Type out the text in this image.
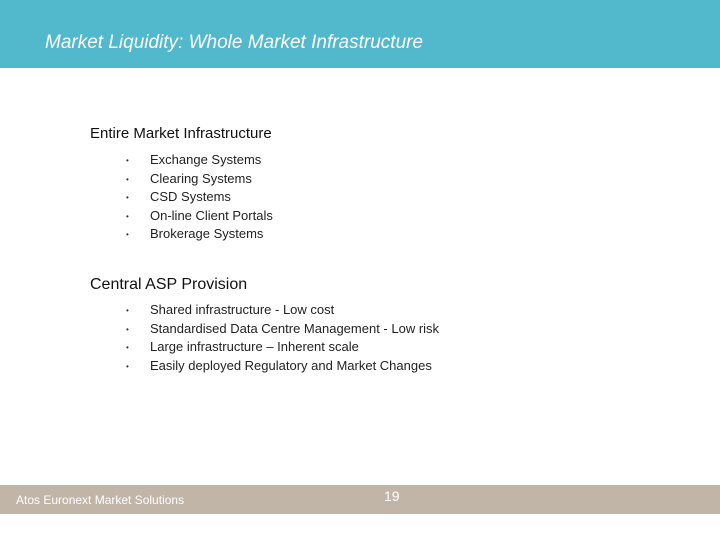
Market Liquidity: Whole Market Infrastructure
Entire Market Infrastructure
• Exchange Systems
• Clearing Systems
• CSD Systems
• On-line Client Portals
• Brokerage Systems
Central ASP Provision
• Shared infrastructure - Low cost
• Standardised Data Centre Management - Low risk
• Large infrastructure – Inherent scale
• Easily deployed Regulatory and Market Changes
Atos Euronext Market Solutions	19
